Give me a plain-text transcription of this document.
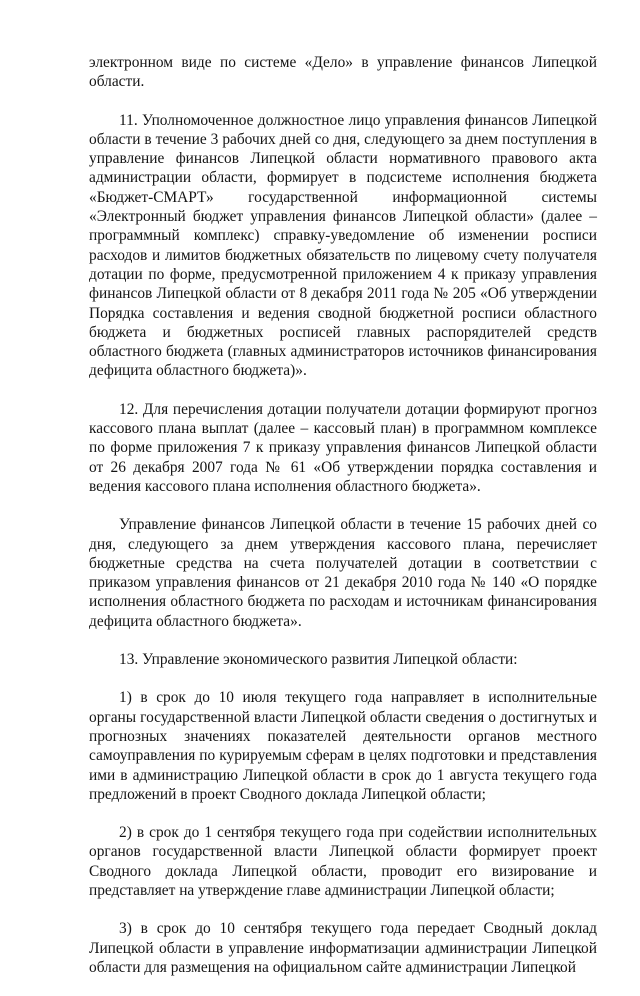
электронном виде по системе «Дело» в управление финансов Липецкой области.

11. Уполномоченное должностное лицо управления финансов Липецкой области в течение 3 рабочих дней со дня, следующего за днем поступления в управление финансов Липецкой области нормативного правового акта администрации области, формирует в подсистеме исполнения бюджета «Бюджет-СМАРТ» государственной информационной системы «Электронный бюджет управления финансов Липецкой области» (далее – программный комплекс) справку-уведомление об изменении росписи расходов и лимитов бюджетных обязательств по лицевому счету получателя дотации по форме, предусмотренной приложением 4 к приказу управления финансов Липецкой области от 8 декабря 2011 года № 205 «Об утверждении Порядка составления и ведения сводной бюджетной росписи областного бюджета и бюджетных росписей главных распорядителей средств областного бюджета (главных администраторов источников финансирования дефицита областного бюджета)».

12. Для перечисления дотации получатели дотации формируют прогноз кассового плана выплат (далее – кассовый план) в программном комплексе по форме приложения 7 к приказу управления финансов Липецкой области от 26 декабря 2007 года № 61 «Об утверждении порядка составления и ведения кассового плана исполнения областного бюджета».

Управление финансов Липецкой области в течение 15 рабочих дней со дня, следующего за днем утверждения кассового плана, перечисляет бюджетные средства на счета получателей дотации в соответствии с приказом управления финансов от 21 декабря 2010 года № 140 «О порядке исполнения областного бюджета по расходам и источникам финансирования дефицита областного бюджета».

13. Управление экономического развития Липецкой области:

1) в срок до 10 июля текущего года направляет в исполнительные органы государственной власти Липецкой области сведения о достигнутых и прогнозных значениях показателей деятельности органов местного самоуправления по курируемым сферам в целях подготовки и представления ими в администрацию Липецкой области в срок до 1 августа текущего года предложений в проект Сводного доклада Липецкой области;

2) в срок до 1 сентября текущего года при содействии исполнительных органов государственной власти Липецкой области формирует проект Сводного доклада Липецкой области, проводит его визирование и представляет на утверждение главе администрации Липецкой области;

3) в срок до 10 сентября текущего года передает Сводный доклад Липецкой области в управление информатизации администрации Липецкой области для размещения на официальном сайте администрации Липецкой
